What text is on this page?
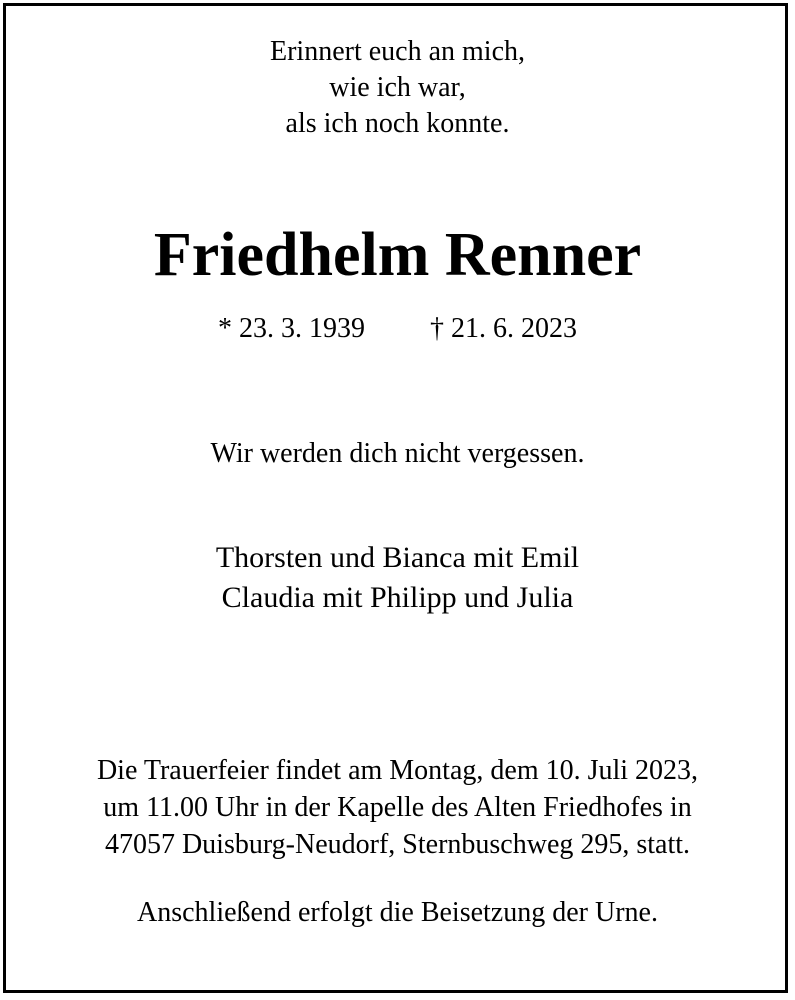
Erinnert euch an mich,
wie ich war,
als ich noch konnte.
Friedhelm Renner
* 23. 3. 1939 † 21. 6. 2023
Wir werden dich nicht vergessen.
Thorsten und Bianca mit Emil
Claudia mit Philipp und Julia
Die Trauerfeier findet am Montag, dem 10. Juli 2023,
um 11.00 Uhr in der Kapelle des Alten Friedhofes in
47057 Duisburg-Neudorf, Sternbuschweg 295, statt.
Anschließend erfolgt die Beisetzung der Urne.
